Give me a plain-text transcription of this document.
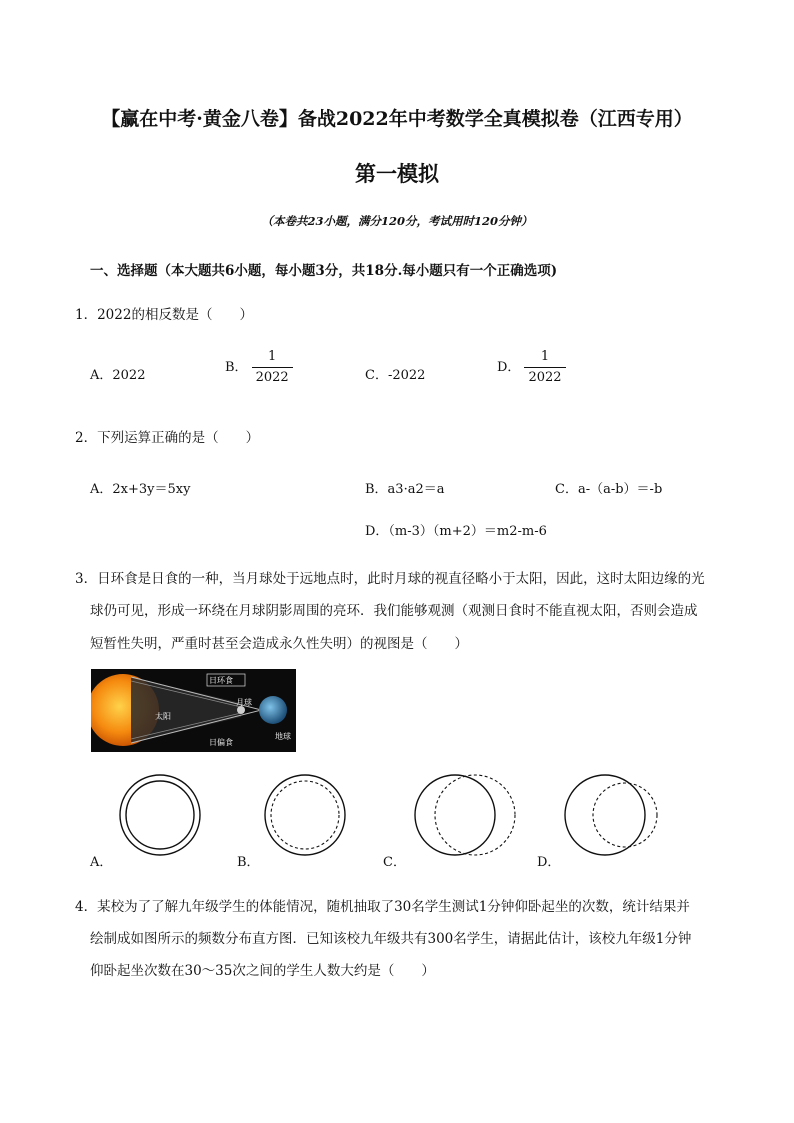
【赢在中考·黄金八卷】备战2022年中考数学全真模拟卷（江西专用）
第一模拟
（本卷共23小题，满分120分，考试用时120分钟）
一、选择题（本大题共6小题，每小题3分，共18分.每小题只有一个正确选项)
1．2022的相反数是（　　）
A．2022
B． $\frac{1}{2022}$	C．-2022
D． $\frac{1}{2022}$
2．下列运算正确的是（　　）
A．2x+3y＝5xy	B．a3·a2＝a	C．a-（a-b）＝-b
D．（m-3）（m+2）＝m2-m-6
3．日环食是日食的一种，当月球处于远地点时，此时月球的视直径略小于太阳，因此，这时太阳边缘的光
球仍可见，形成一环绕在月球阴影周围的亮环．我们能够观测（观测日食时不能直视太阳，否则会造成
短暂性失明，严重时甚至会造成永久性失明）的视图是（　　）
日环食
日偏食
太阳
月球
地球
A．	B．	C．	D．
4．某校为了了解九年级学生的体能情况，随机抽取了30名学生测试1分钟仰卧起坐的次数，统计结果并
绘制成如图所示的频数分布直方图．已知该校九年级共有300名学生，请据此估计，该校九年级1分钟
仰卧起坐次数在30～35次之间的学生人数大约是（　　）
